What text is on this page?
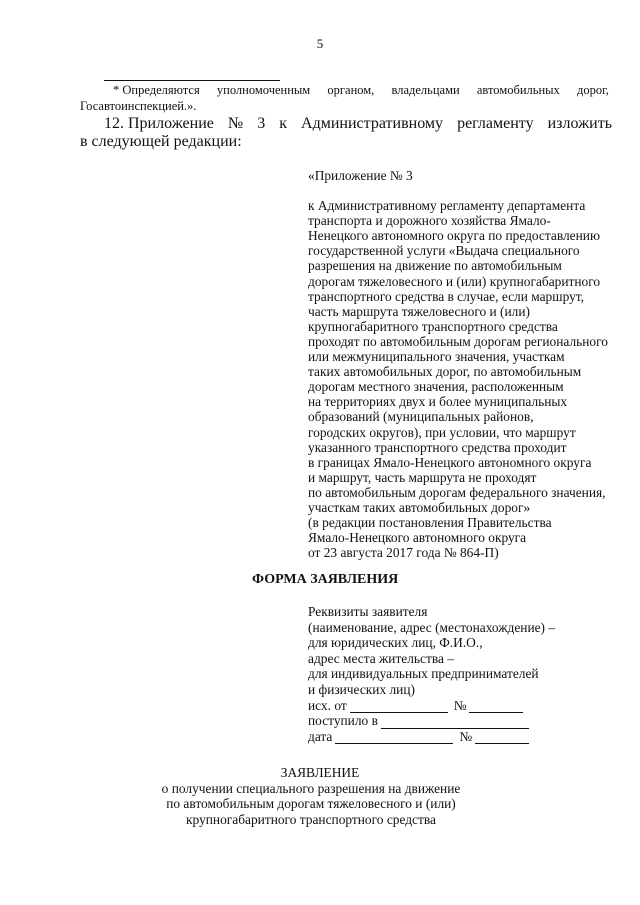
5
* Определяются уполномоченным органом, владельцами автомобильных дорог,
Госавтоинспекцией.».
12. Приложение № 3 к Административному регламенту изложить
в следующей редакции:
«Приложение № 3
к Административному регламенту департамента
транспорта и дорожного хозяйства Ямало-
Ненецкого автономного округа по предоставлению
государственной услуги «Выдача специального
разрешения на движение по автомобильным
дорогам тяжеловесного и (или) крупногабаритного
транспортного средства в случае, если маршрут,
часть маршрута тяжеловесного и (или)
крупногабаритного транспортного средства
проходят по автомобильным дорогам регионального
или межмуниципального значения, участкам
таких автомобильных дорог, по автомобильным
дорогам местного значения, расположенным
на территориях двух и более муниципальных
образований (муниципальных районов,
городских округов), при условии, что маршрут
указанного транспортного средства проходит
в границах Ямало-Ненецкого автономного округа
и маршрут, часть маршрута не проходят
по автомобильным дорогам федерального значения,
участкам таких автомобильных дорог»
(в редакции постановления Правительства
Ямало-Ненецкого автономного округа
от 23 августа 2017 года № 864-П)
ФОРМА ЗАЯВЛЕНИЯ
Реквизиты заявителя
(наименование, адрес (местонахождение) –
для юридических лиц, Ф.И.О.,
адрес места жительства –
для индивидуальных предпринимателей
и физических лиц)
исх. от	№
поступило в
дата	№
ЗАЯВЛЕНИЕ
о получении специального разрешения на движение
по автомобильным дорогам тяжеловесного и (или)
крупногабаритного транспортного средства
